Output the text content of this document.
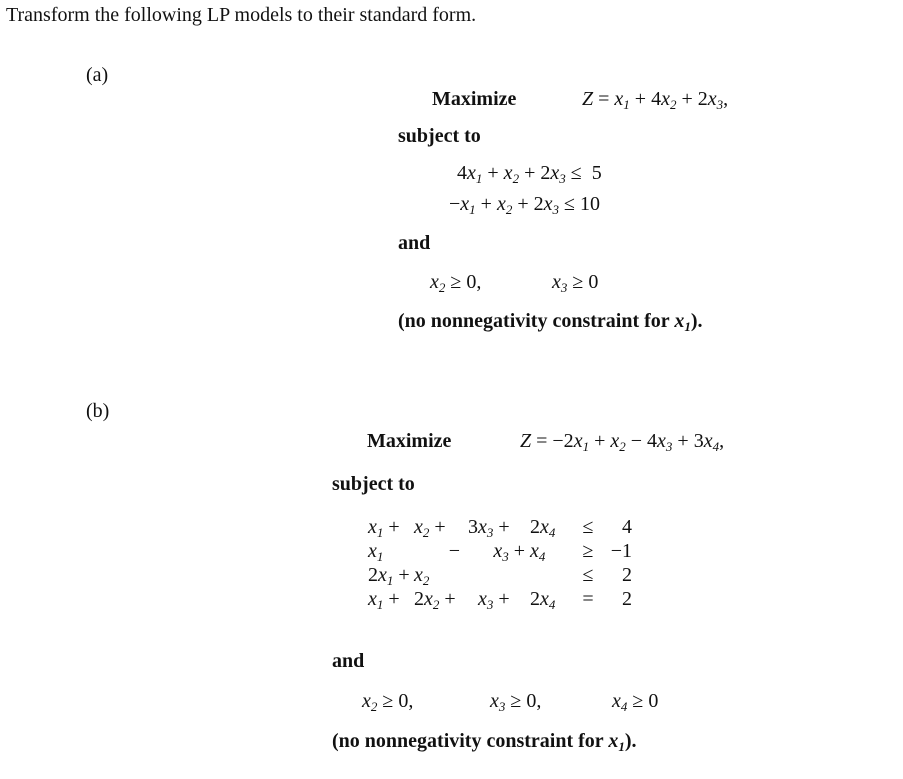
Transform the following LP models to their standard form.
(a)
Maximize	$Z = x_1 + 4x_2 + 2x_3$,
subject to
$4x_1 + x_2 + 2x_3 \le 5$
$-x_1 + x_2 + 2x_3 \le 10$
and
$x_2 \ge 0$,	$x_3 \ge 0$
(no nonnegativity constraint for $x_1$).
(b)
Maximize	$Z = -2x_1 + x_2 - 4x_3 + 3x_4$,
subject to
$x_1$ +	$x_2$ +	$3x_3$ +	$2x_4$	≤	4
$x_1$	−	$x_3$ +	$x_4$	≥	−1
$2x_1$ +	$x_2$			≤	2
$x_1$ +	$2x_2$ +	$x_3$ +	$2x_4$	=	2
and
$x_2 \ge 0$,	$x_3 \ge 0$,	$x_4 \ge 0$
(no nonnegativity constraint for $x_1$).
